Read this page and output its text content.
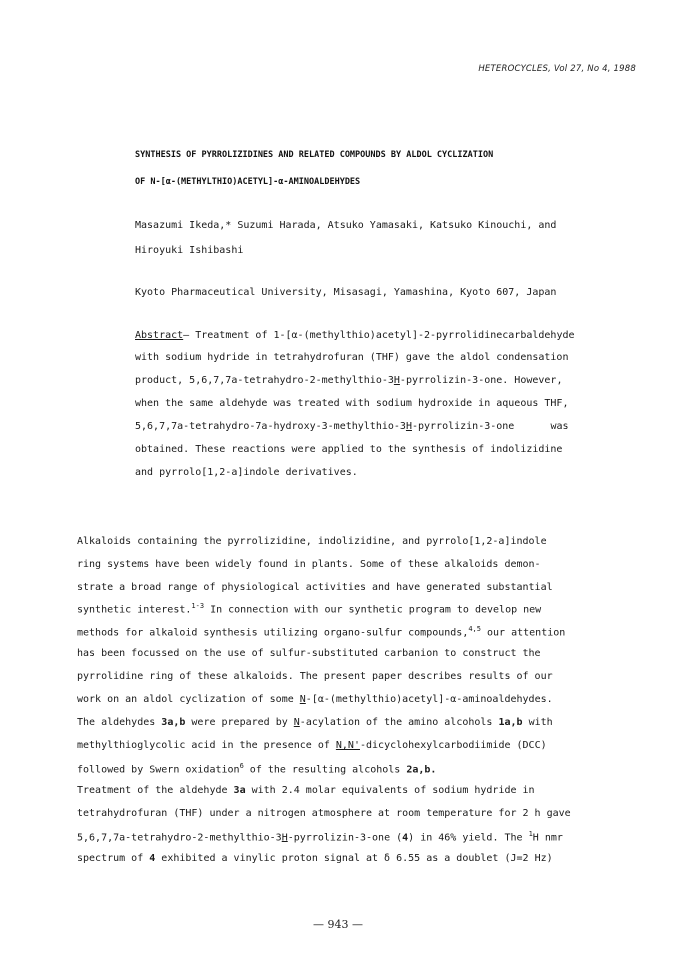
HETEROCYCLES, Vol 27, No 4, 1988
SYNTHESIS OF PYRROLIZIDINES AND RELATED COMPOUNDS BY ALDOL CYCLIZATION
OF N-[α-(METHYLTHIO)ACETYL]-α-AMINOALDEHYDES
Masazumi Ikeda,* Suzumi Harada, Atsuko Yamasaki, Katsuko Kinouchi, and
Hiroyuki Ishibashi
Kyoto Pharmaceutical University, Misasagi, Yamashina, Kyoto 607, Japan
Abstract– Treatment of 1-[α-(methylthio)acetyl]-2-pyrrolidinecarbaldehyde
with sodium hydride in tetrahydrofuran (THF) gave the aldol condensation
product, 5,6,7,7a-tetrahydro-2-methylthio-3H-pyrrolizin-3-one. However,
when the same aldehyde was treated with sodium hydroxide in aqueous THF,
5,6,7,7a-tetrahydro-7a-hydroxy-3-methylthio-3H-pyrrolizin-3-one      was
obtained. These reactions were applied to the synthesis of indolizidine
and pyrrolo[1,2-a]indole derivatives.
Alkaloids containing the pyrrolizidine, indolizidine, and pyrrolo[1,2-a]indole
ring systems have been widely found in plants. Some of these alkaloids demon-
strate a broad range of physiological activities and have generated substantial
synthetic interest.$^{1-3}$ In connection with our synthetic program to develop new
methods for alkaloid synthesis utilizing organo-sulfur compounds,$^{4,5}$ our attention
has been focussed on the use of sulfur-substituted carbanion to construct the
pyrrolidine ring of these alkaloids. The present paper describes results of our
work on an aldol cyclization of some N-[α-(methylthio)acetyl]-α-aminoaldehydes.
The aldehydes 3a,b were prepared by N-acylation of the amino alcohols 1a,b with
methylthioglycolic acid in the presence of N,N'-dicyclohexylcarbodiimide (DCC)
followed by Swern oxidation$^6$ of the resulting alcohols 2a,b.
Treatment of the aldehyde 3a with 2.4 molar equivalents of sodium hydride in
tetrahydrofuran (THF) under a nitrogen atmosphere at room temperature for 2 h gave
5,6,7,7a-tetrahydro-2-methylthio-3H-pyrrolizin-3-one (4) in 46% yield. The $^1$H nmr
spectrum of 4 exhibited a vinylic proton signal at δ 6.55 as a doublet (J=2 Hz)
— 943 —
